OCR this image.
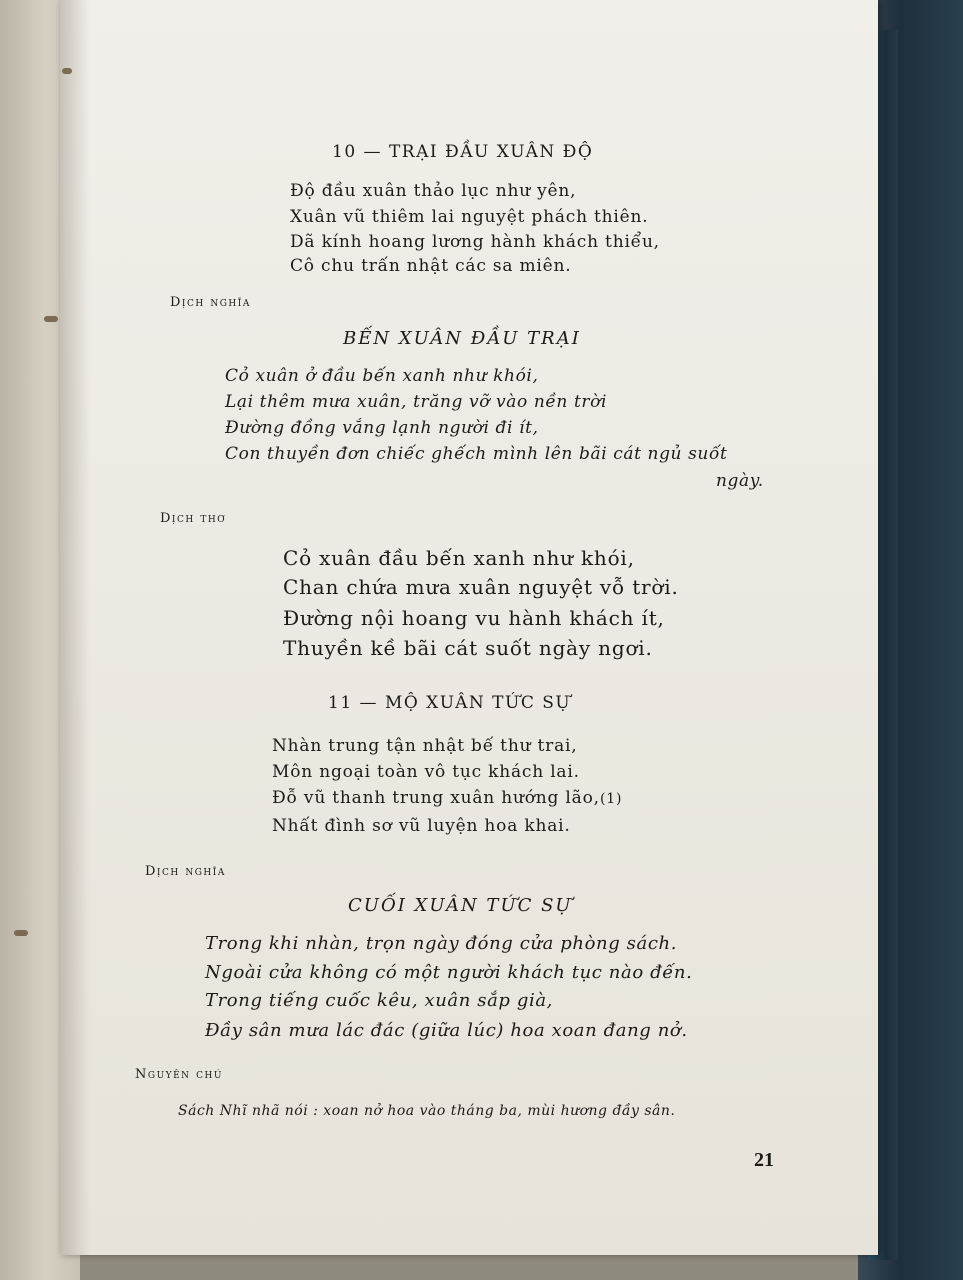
10 — TRẠI ĐẦU XUÂN ĐỘ
Độ đầu xuân thảo lục như yên,
Xuân vũ thiêm lai nguyệt phách thiên.
Dã kính hoang lương hành khách thiểu,
Cô chu trấn nhật các sa miên.
Dịch nghĩa
BẾN XUÂN ĐẦU TRẠI
Cỏ xuân ở đầu bến xanh như khói,
Lại thêm mưa xuân, trăng vỡ vào nền trời
Đường đồng vắng lạnh người đi ít,
Con thuyền đơn chiếc ghếch mình lên bãi cát ngủ suốt
ngày.
Dịch thơ
Cỏ xuân đầu bến xanh như khói,
Chan chứa mưa xuân nguyệt vỗ trời.
Đường nội hoang vu hành khách ít,
Thuyền kề bãi cát suốt ngày ngơi.
11 — MỘ XUÂN TỨC SỰ
Nhàn trung tận nhật bế thư trai,
Môn ngoại toàn vô tục khách lai.
Đỗ vũ thanh trung xuân hướng lão, (1)
Nhất đình sơ vũ luyện hoa khai.
Dịch nghĩa
CUỐI XUÂN TỨC SỰ
Trong khi nhàn, trọn ngày đóng cửa phòng sách.
Ngoài cửa không có một người khách tục nào đến.
Trong tiếng cuốc kêu, xuân sắp già,
Đầy sân mưa lác đác (giữa lúc) hoa xoan đang nở.
Nguyên chú
Sách Nhĩ nhã nói : xoan nở hoa vào tháng ba, mùi hương đầy sân.
21
